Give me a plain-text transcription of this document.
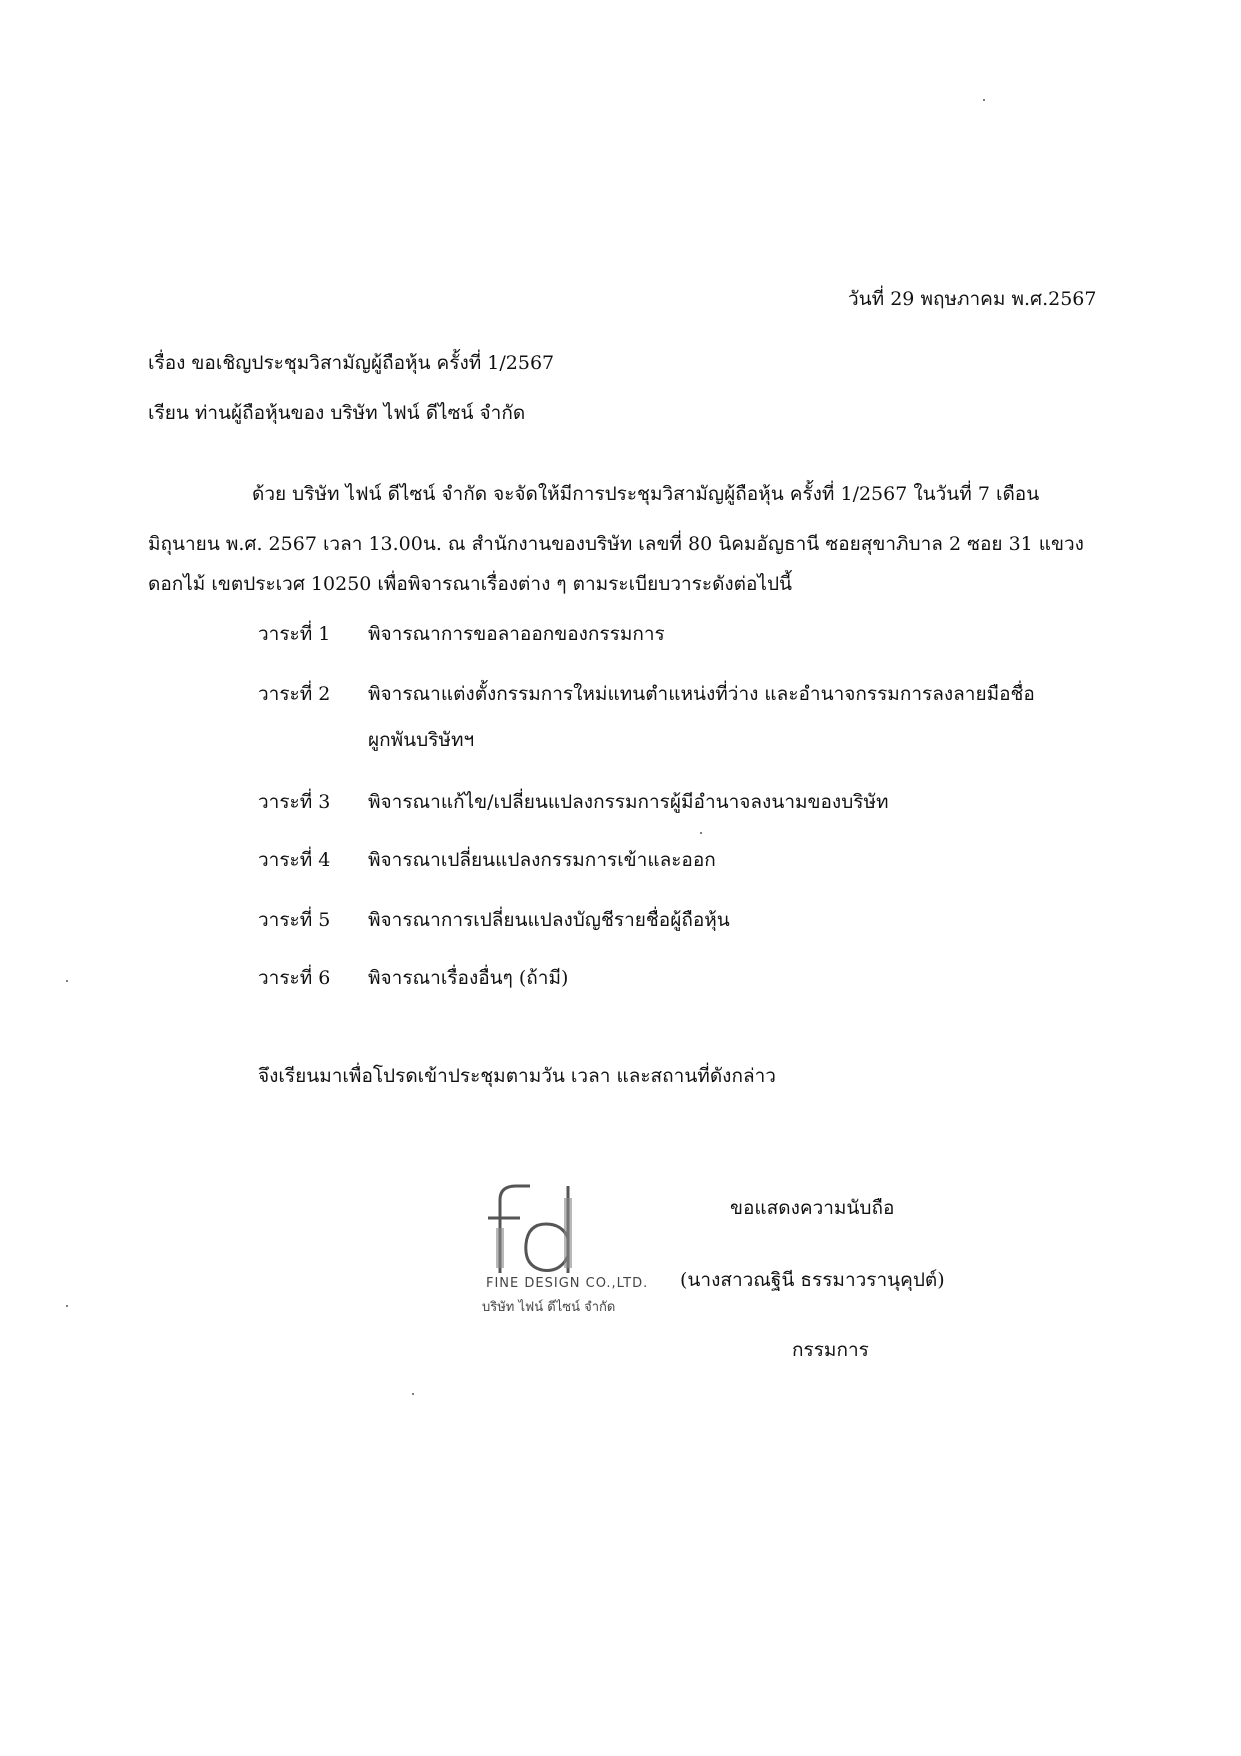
วันที่ 29 พฤษภาคม พ.ศ.2567
เรื่อง ขอเชิญประชุมวิสามัญผู้ถือหุ้น ครั้งที่ 1/2567
เรียน ท่านผู้ถือหุ้นของ บริษัท ไฟน์ ดีไซน์ จำกัด
ด้วย บริษัท ไฟน์ ดีไซน์ จำกัด จะจัดให้มีการประชุมวิสามัญผู้ถือหุ้น ครั้งที่ 1/2567 ในวันที่ 7 เดือน
มิถุนายน พ.ศ. 2567 เวลา 13.00น. ณ สำนักงานของบริษัท เลขที่ 80 นิคมอัญธานี ซอยสุขาภิบาล 2 ซอย 31 แขวง
ดอกไม้ เขตประเวศ 10250 เพื่อพิจารณาเรื่องต่าง ๆ ตามระเบียบวาระดังต่อไปนี้
วาระที่ 1 พิจารณาการขอลาออกของกรรมการ
วาระที่ 2 พิจารณาแต่งตั้งกรรมการใหม่แทนตำแหน่งที่ว่าง และอำนาจกรรมการลงลายมือชื่อ
ผูกพันบริษัทฯ
วาระที่ 3 พิจารณาแก้ไข/เปลี่ยนแปลงกรรมการผู้มีอำนาจลงนามของบริษัท
วาระที่ 4 พิจารณาเปลี่ยนแปลงกรรมการเข้าและออก
วาระที่ 5 พิจารณาการเปลี่ยนแปลงบัญชีรายชื่อผู้ถือหุ้น
วาระที่ 6 พิจารณาเรื่องอื่นๆ (ถ้ามี)
จึงเรียนมาเพื่อโปรดเข้าประชุมตามวัน เวลา และสถานที่ดังกล่าว
FINE DESIGN CO.,LTD.
บริษัท ไฟน์ ดีไซน์ จำกัด
ขอแสดงความนับถือ
(นางสาวณฐินี ธรรมาวรานุคุปต์)
กรรมการ
